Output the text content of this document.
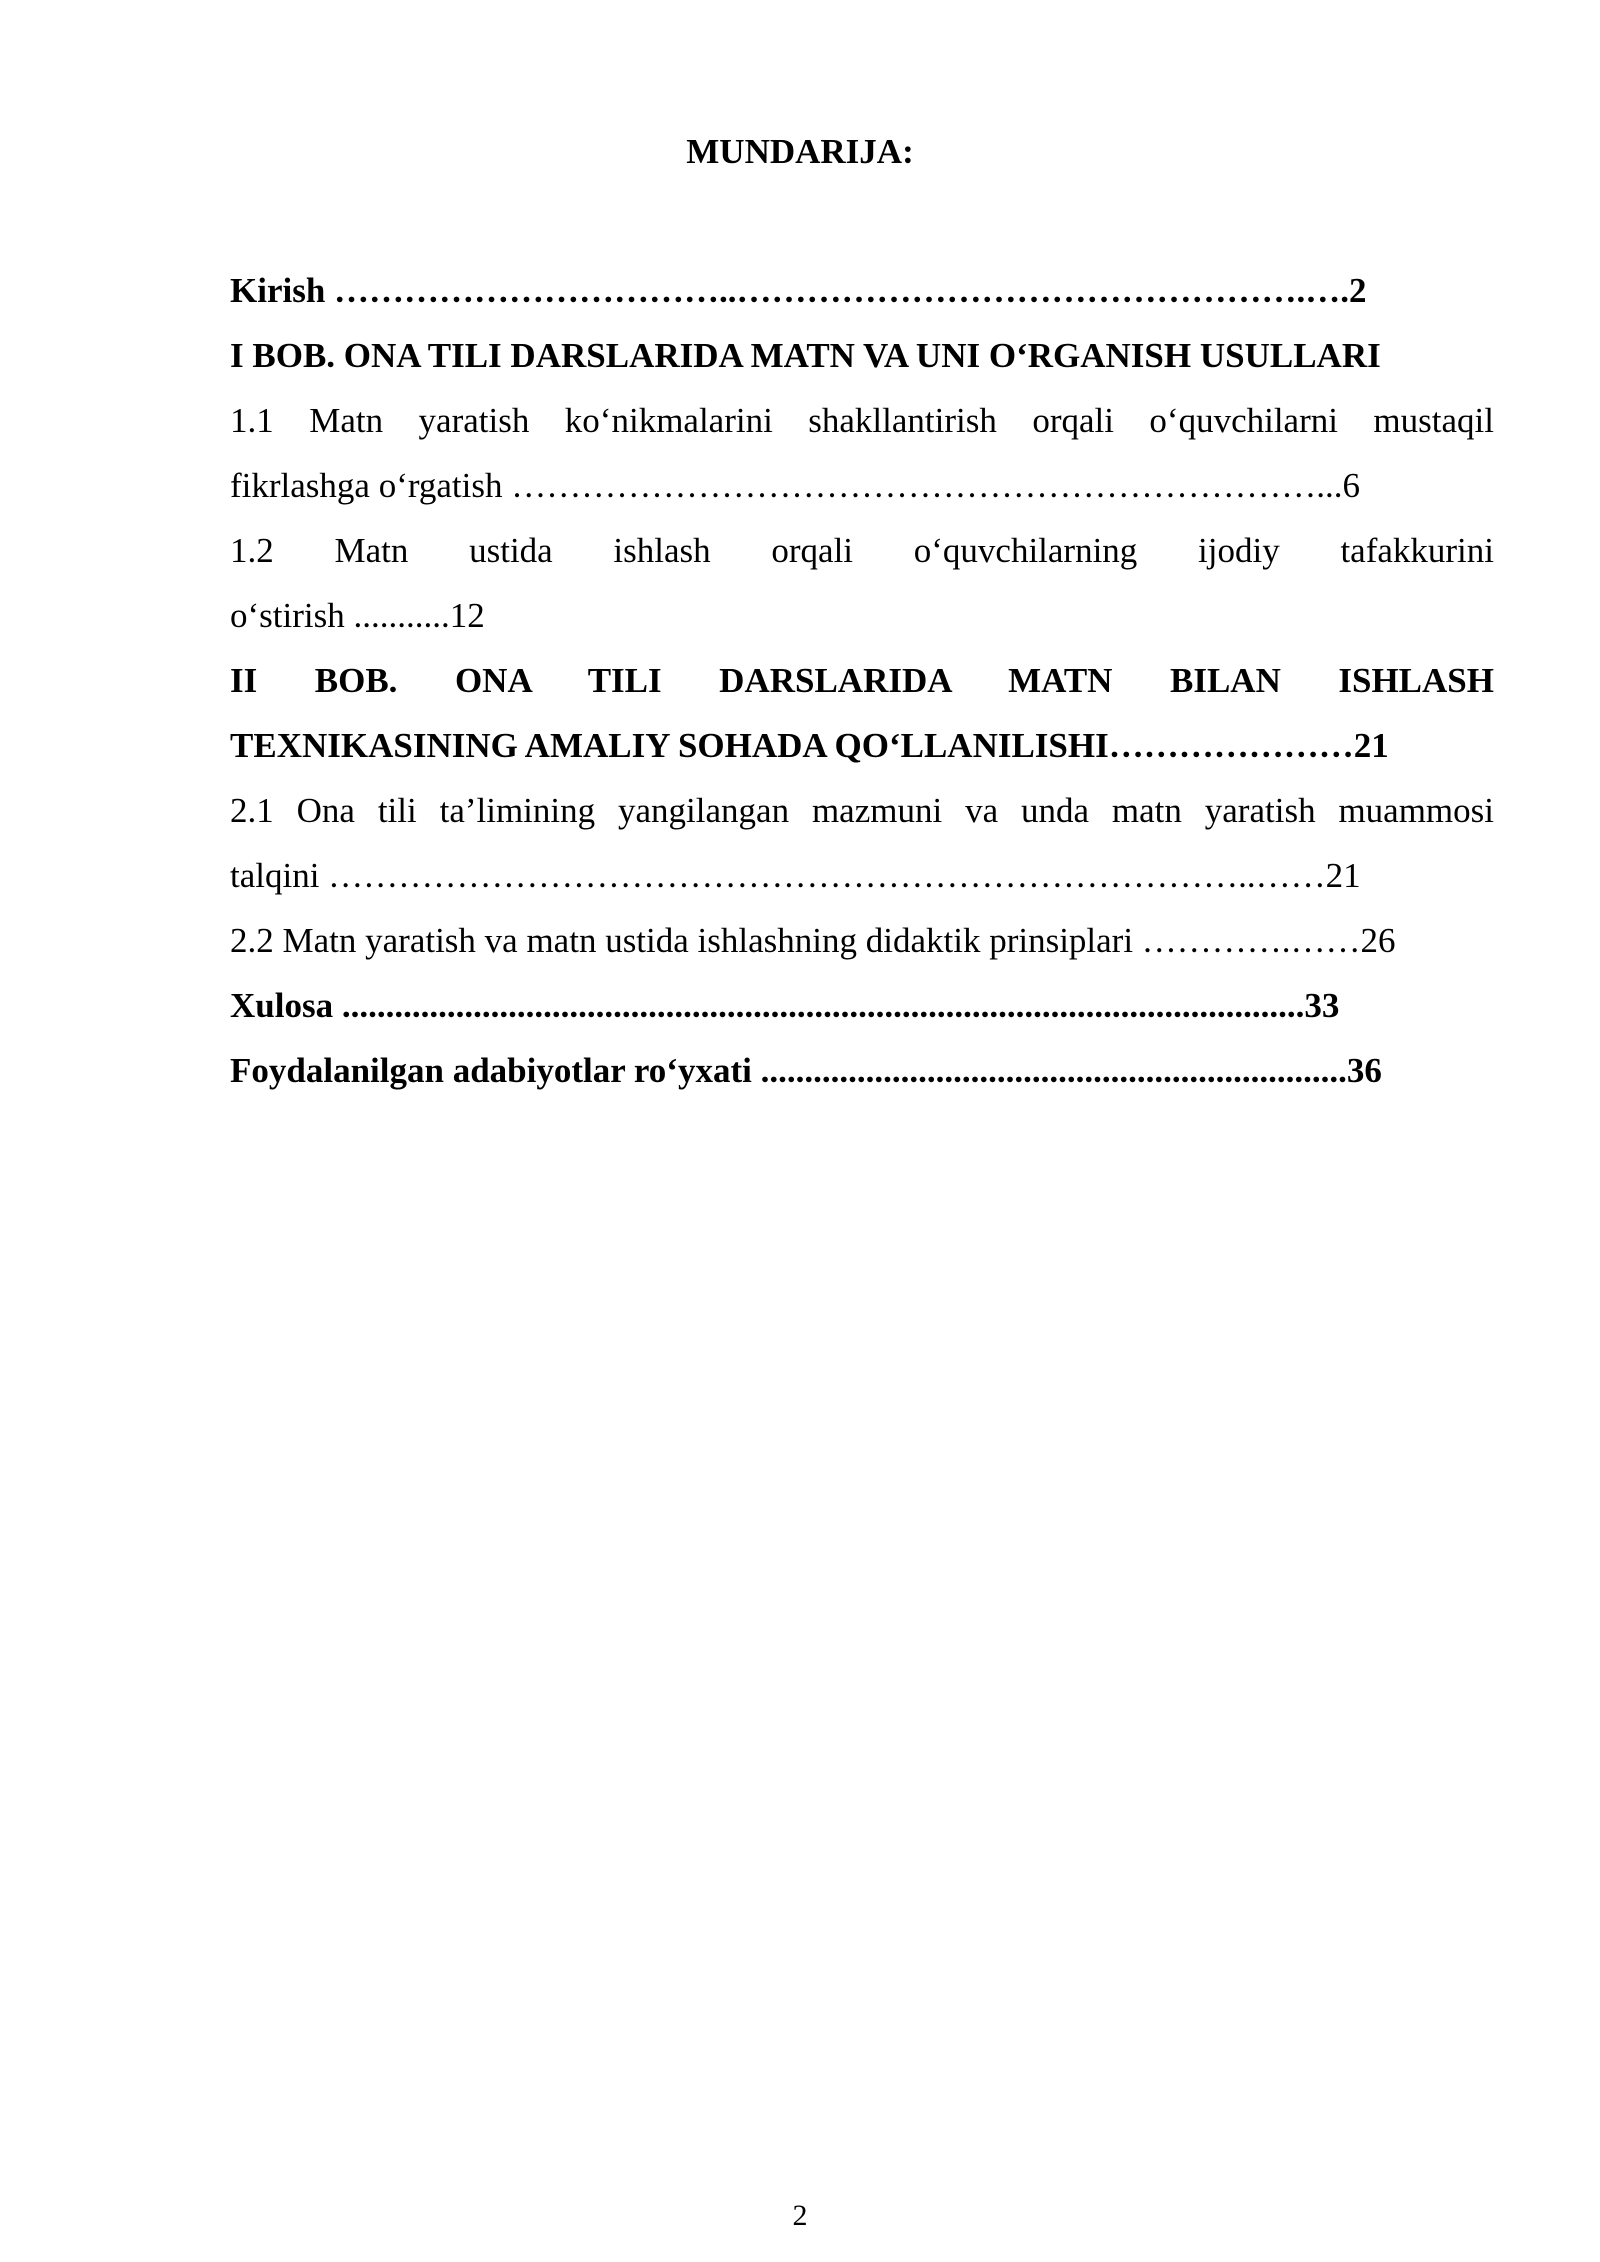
MUNDARIJA:
Kirish ……………………………..………………………………………….….2
I BOB. ONA TILI DARSLARIDA MATN VA UNI O‘RGANISH USULLARI
1.1 Matn yaratish ko‘nikmalarini shakllantirish orqali o‘quvchilarni mustaqil
fikrlashga o‘rgatish ……………………………………………………………...6
1.2 Matn ustida ishlash orqali o‘quvchilarning ijodiy tafakkurini
o‘stirish ...........12
II BOB. ONA TILI DARSLARIDA MATN BILAN ISHLASH
TEXNIKASINING AMALIY SOHADA QO‘LLANILISHI…………………21
2.1 Ona tili ta’limining yangilangan mazmuni va unda matn yaratish muammosi
talqini ……………………………………………………………………..……21
2.2 Matn yaratish va matn ustida ishlashning didaktik prinsiplari ………….……26
Xulosa ..............................................................................................................33
Foydalanilgan adabiyotlar ro‘yxati ...................................................................36
2
